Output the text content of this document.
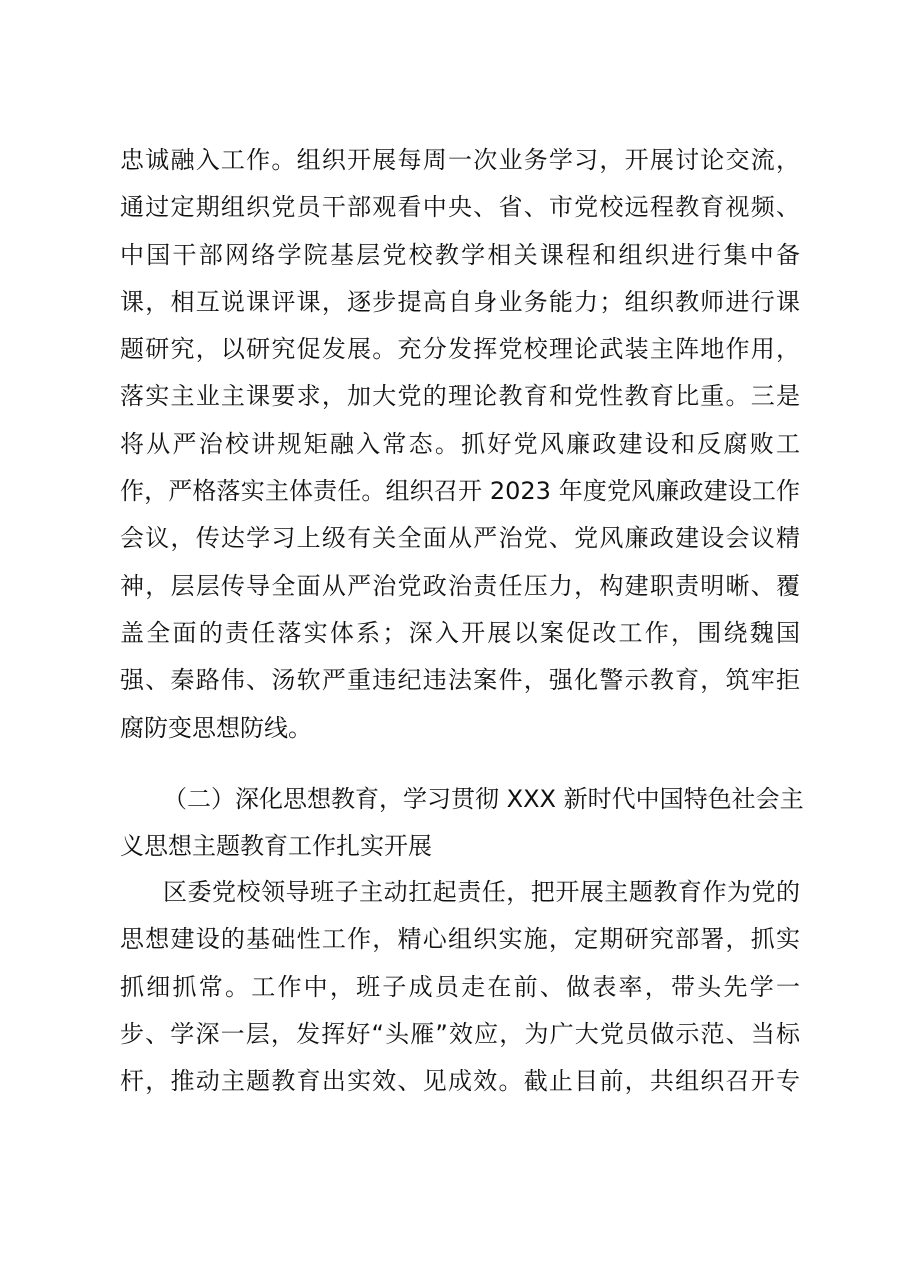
忠诚融入工作。组织开展每周一次业务学习，开展讨论交流，
通过定期组织党员干部观看中央、省、市党校远程教育视频、
中国干部网络学院基层党校教学相关课程和组织进行集中备
课，相互说课评课，逐步提高自身业务能力；组织教师进行课
题研究，以研究促发展。充分发挥党校理论武装主阵地作用，
落实主业主课要求，加大党的理论教育和党性教育比重。三是
将从严治校讲规矩融入常态。抓好党风廉政建设和反腐败工
作，严格落实主体责任。组织召开 2023 年度党风廉政建设工作
会议，传达学习上级有关全面从严治党、党风廉政建设会议精
神，层层传导全面从严治党政治责任压力，构建职责明晰、覆
盖全面的责任落实体系；深入开展以案促改工作，围绕魏国
强、秦路伟、汤软严重违纪违法案件，强化警示教育，筑牢拒
腐防变思想防线。
（二）深化思想教育，学习贯彻 XXX 新时代中国特色社会主
义思想主题教育工作扎实开展
区委党校领导班子主动扛起责任，把开展主题教育作为党的
思想建设的基础性工作，精心组织实施，定期研究部署，抓实
抓细抓常。工作中，班子成员走在前、做表率，带头先学一
步、学深一层，发挥好“头雁”效应，为广大党员做示范、当标
杆，推动主题教育出实效、见成效。截止目前，共组织召开专
